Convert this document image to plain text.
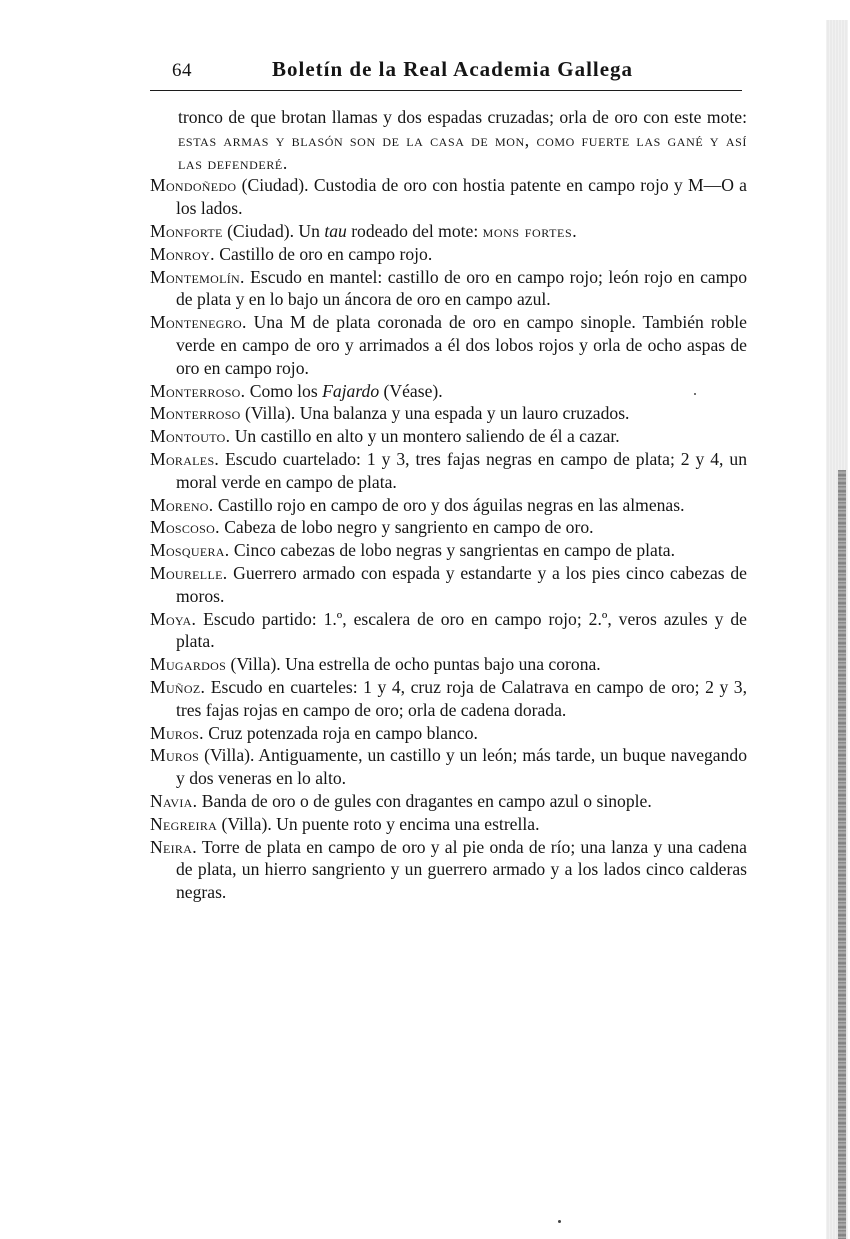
64	Boletín de la Real Academia Gallega

tronco de que brotan llamas y dos espadas cruzadas; orla de oro con este mote: estas armas y blasón son de la casa de mon, como fuerte las gané y así las defenderé.

Mondoñedo (Ciudad). Custodia de oro con hostia patente en campo rojo y M—O a los lados.

Monforte (Ciudad). Un tau rodeado del mote: mons fortes.

Monroy. Castillo de oro en campo rojo.

Montemolín. Escudo en mantel: castillo de oro en campo rojo; león rojo en campo de plata y en lo bajo un áncora de oro en campo azul.

Montenegro. Una M de plata coronada de oro en campo sinople. También roble verde en campo de oro y arrimados a él dos lobos rojos y orla de ocho aspas de oro en campo rojo.

Monterroso. Como los Fajardo (Véase).

Monterroso (Villa). Una balanza y una espada y un lauro cruzados.

Montouto. Un castillo en alto y un montero saliendo de él a cazar.

Morales. Escudo cuartelado: 1 y 3, tres fajas negras en campo de plata; 2 y 4, un moral verde en campo de plata.

Moreno. Castillo rojo en campo de oro y dos águilas negras en las almenas.

Moscoso. Cabeza de lobo negro y sangriento en campo de oro.

Mosquera. Cinco cabezas de lobo negras y sangrientas en campo de plata.

Mourelle. Guerrero armado con espada y estandarte y a los pies cinco cabezas de moros.

Moya. Escudo partido: 1.º, escalera de oro en campo rojo; 2.º, veros azules y de plata.

Mugardos (Villa). Una estrella de ocho puntas bajo una corona.

Muñoz. Escudo en cuarteles: 1 y 4, cruz roja de Calatrava en campo de oro; 2 y 3, tres fajas rojas en campo de oro; orla de cadena dorada.

Muros. Cruz potenzada roja en campo blanco.

Muros (Villa). Antiguamente, un castillo y un león; más tarde, un buque navegando y dos veneras en lo alto.

Navia. Banda de oro o de gules con dragantes en campo azul o sinople.

Negreira (Villa). Un puente roto y encima una estrella.

Neira. Torre de plata en campo de oro y al pie onda de río; una lanza y una cadena de plata, un hierro sangriento y un guerrero armado y a los lados cinco calderas negras.
